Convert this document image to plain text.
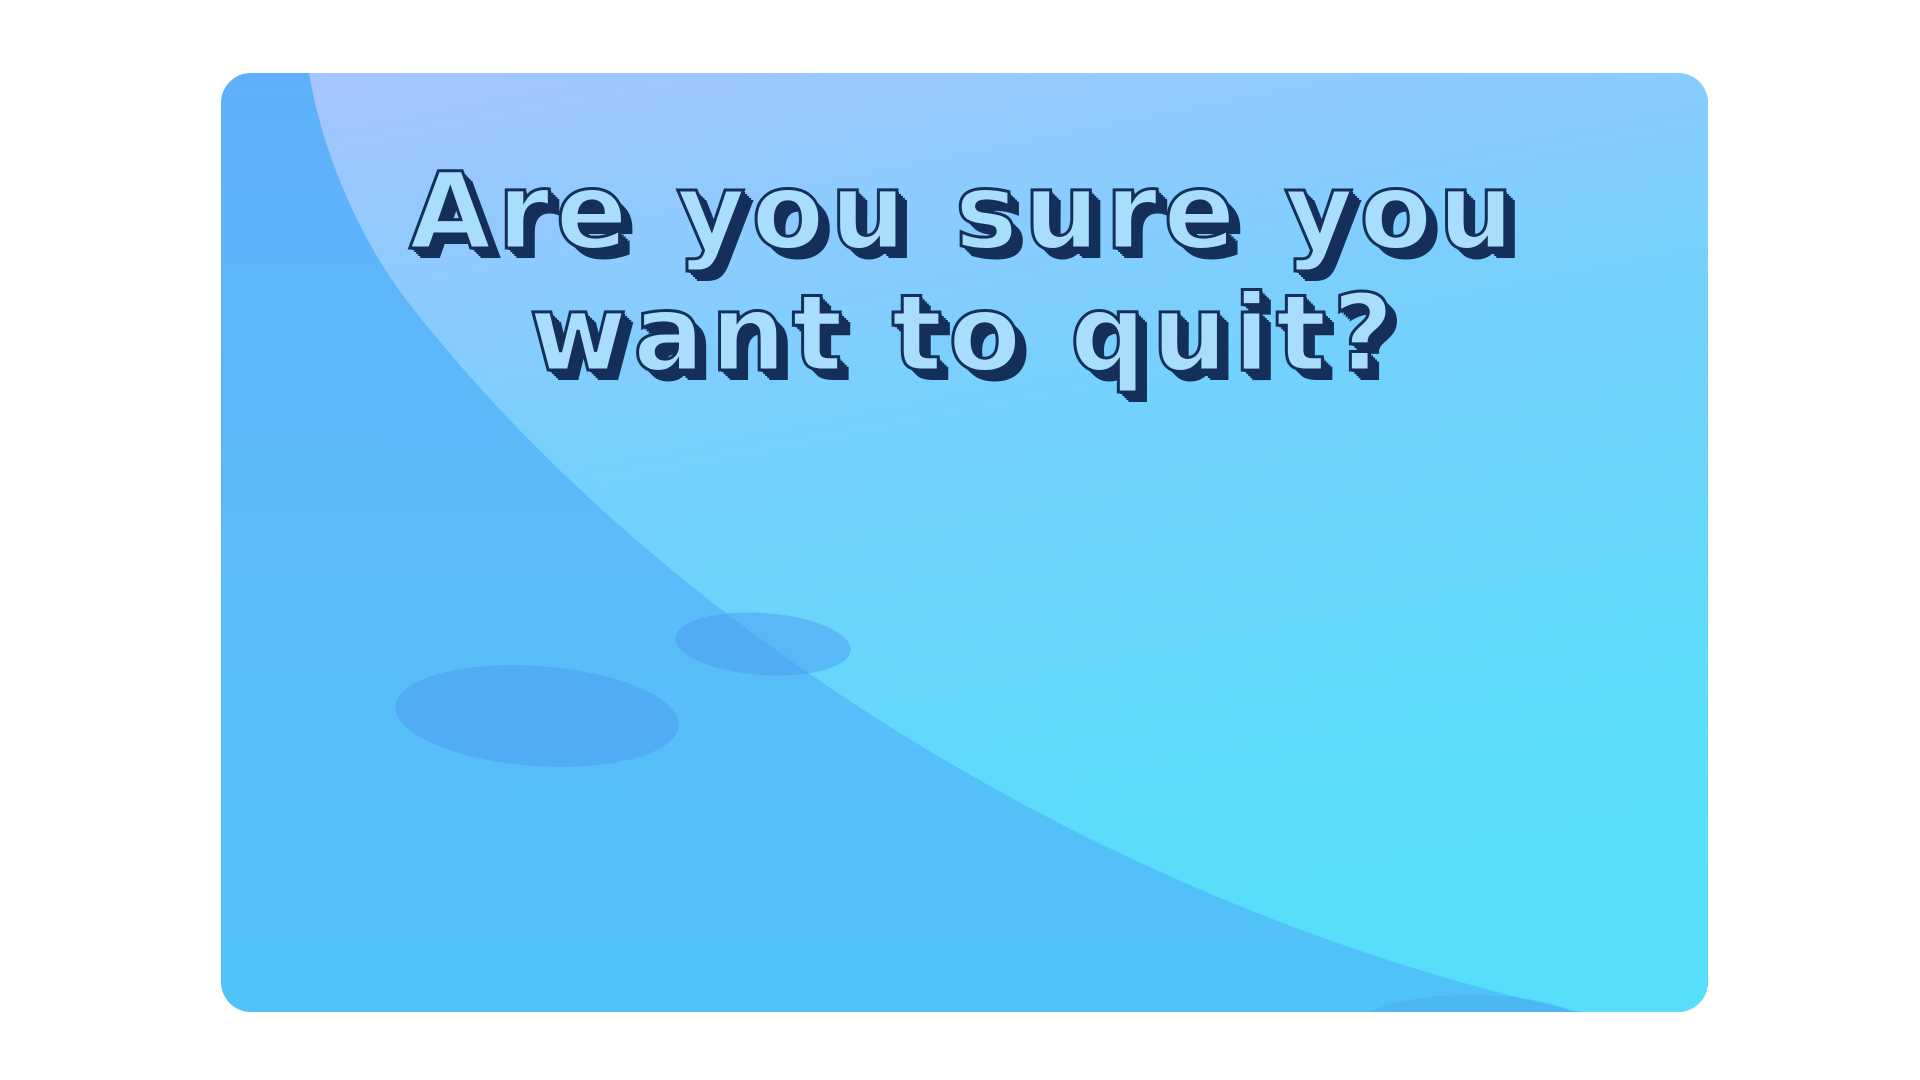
Are you sure you
want to quit?
